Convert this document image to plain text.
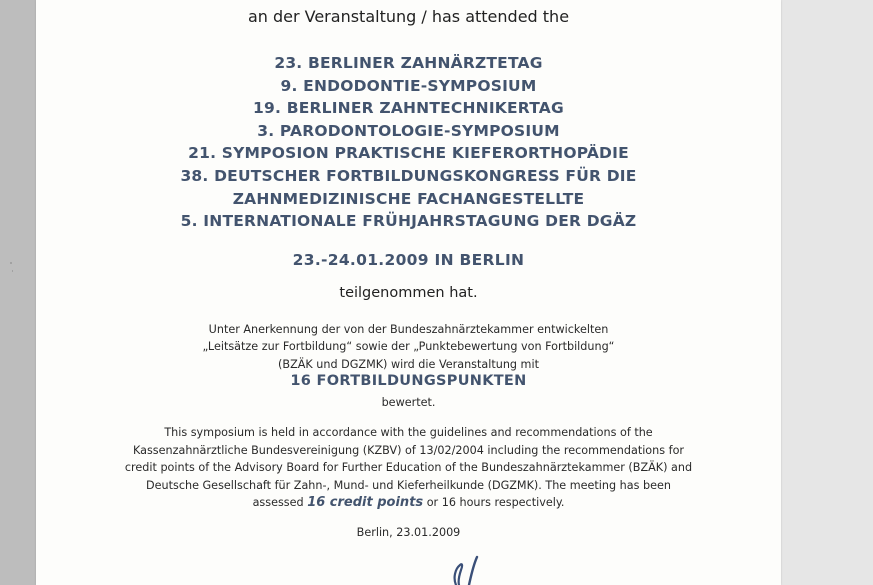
an der Veranstaltung / has attended the
23. BERLINER ZAHNÄRZTETAG
9. ENDODONTIE-SYMPOSIUM
19. BERLINER ZAHNTECHNIKERTAG
3. PARODONTOLOGIE-SYMPOSIUM
21. SYMPOSION PRAKTISCHE KIEFERORTHOPÄDIE
38. DEUTSCHER FORTBILDUNGSKONGRESS FÜR DIE
ZAHNMEDIZINISCHE FACHANGESTELLTE
5. INTERNATIONALE FRÜHJAHRSTAGUNG DER DGÄZ
23.-24.01.2009 IN BERLIN
teilgenommen hat.
Unter Anerkennung der von der Bundeszahnärztekammer entwickelten
„Leitsätze zur Fortbildung“ sowie der „Punktebewertung von Fortbildung“
(BZÄK und DGZMK) wird die Veranstaltung mit
16 FORTBILDUNGSPUNKTEN
bewertet.
This symposium is held in accordance with the guidelines and recommendations of the
Kassenzahnärztliche Bundesvereinigung (KZBV) of 13/02/2004 including the recommendations for
credit points of the Advisory Board for Further Education of the Bundeszahnärztekammer (BZÄK) and
Deutsche Gesellschaft für Zahn-, Mund- und Kieferheilkunde (DGZMK). The meeting has been
assessed 16 credit points or 16 hours respectively.
Berlin, 23.01.2009
